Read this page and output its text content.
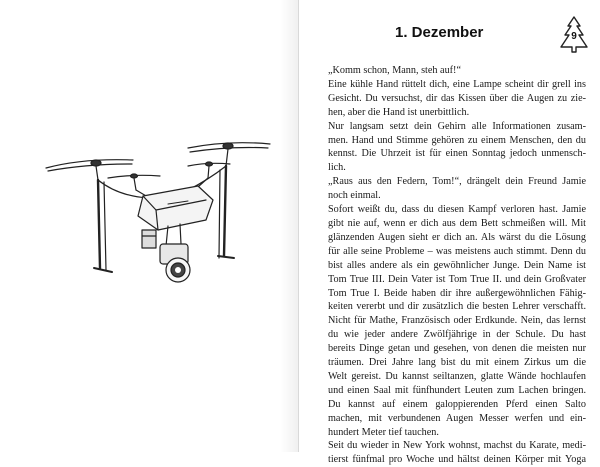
1. Dezember	9
„Komm schon, Mann, steh auf!“
Eine kühle Hand rüttelt dich, eine Lampe scheint dir grell ins
Gesicht. Du versuchst, dir das Kissen über die Augen zu zie-
hen, aber die Hand ist unerbittlich.
Nur langsam setzt dein Gehirn alle Informationen zusam-
men. Hand und Stimme gehören zu einem Menschen, den du
kennst. Die Uhrzeit ist für einen Sonntag jedoch unmensch-
lich.
„Raus aus den Federn, Tom!“, drängelt dein Freund Jamie
noch einmal.
Sofort weißt du, dass du diesen Kampf verloren hast. Jamie
gibt nie auf, wenn er dich aus dem Bett schmeißen will. Mit
glänzenden Augen sieht er dich an. Als wärst du die Lösung
für alle seine Probleme – was meistens auch stimmt. Denn du
bist alles andere als ein gewöhnlicher Junge. Dein Name ist
Tom True III. Dein Vater ist Tom True II. und dein Großvater
Tom True I. Beide haben dir ihre außergewöhnlichen Fähig-
keiten vererbt und dir zusätzlich die besten Lehrer verschafft.
Nicht für Mathe, Französisch oder Erdkunde. Nein, das lernst
du wie jeder andere Zwölfjährige in der Schule. Du hast
bereits Dinge getan und gesehen, von denen die meisten nur
träumen. Drei Jahre lang bist du mit einem Zirkus um die
Welt gereist. Du kannst seiltanzen, glatte Wände hochlaufen
und einen Saal mit fünfhundert Leuten zum Lachen bringen.
Du kannst auf einem galoppierenden Pferd einen Salto
machen, mit verbundenen Augen Messer werfen und ein-
hundert Meter tief tauchen.
Seit du wieder in New York wohnst, machst du Karate, medi-
tierst fünfmal pro Woche und hältst deinen Körper mit Yoga
